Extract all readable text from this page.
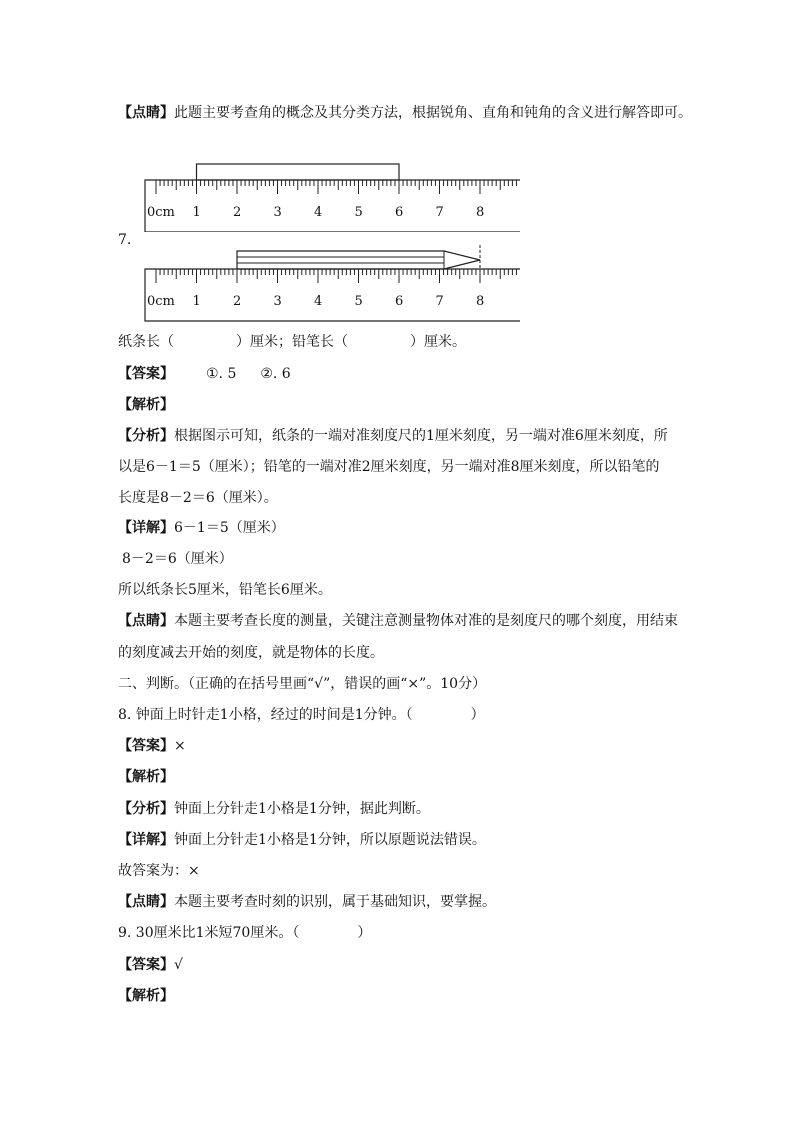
【点睛】此题主要考查角的概念及其分类方法，根据锐角、直角和钝角的含义进行解答即可。
0cm 1 2 3 4 5 6 7 8
7.
0cm 1 2 3 4 5 6 7 8
纸条长（	）厘米；铅笔长（	）厘米。
【答案】 ①. 5 ②. 6
【解析】
【分析】根据图示可知，纸条的一端对准刻度尺的1厘米刻度，另一端对准6厘米刻度，所
以是6－1＝5（厘米）；铅笔的一端对准2厘米刻度，另一端对准8厘米刻度，所以铅笔的
长度是8－2＝6（厘米）。
【详解】6－1＝5（厘米）
8－2＝6（厘米）
所以纸条长5厘米，铅笔长6厘米。
【点睛】本题主要考查长度的测量，关键注意测量物体对准的是刻度尺的哪个刻度，用结束
的刻度减去开始的刻度，就是物体的长度。
二、判断。（正确的在括号里画“√”，错误的画“×”。10分）
8. 钟面上时针走1小格，经过的时间是1分钟。（	）
【答案】×
【解析】
【分析】钟面上分针走1小格是1分钟，据此判断。
【详解】钟面上分针走1小格是1分钟，所以原题说法错误。
故答案为：×
【点睛】本题主要考查时刻的识别，属于基础知识，要掌握。
9. 30厘米比1米短70厘米。（	）
【答案】√
【解析】
